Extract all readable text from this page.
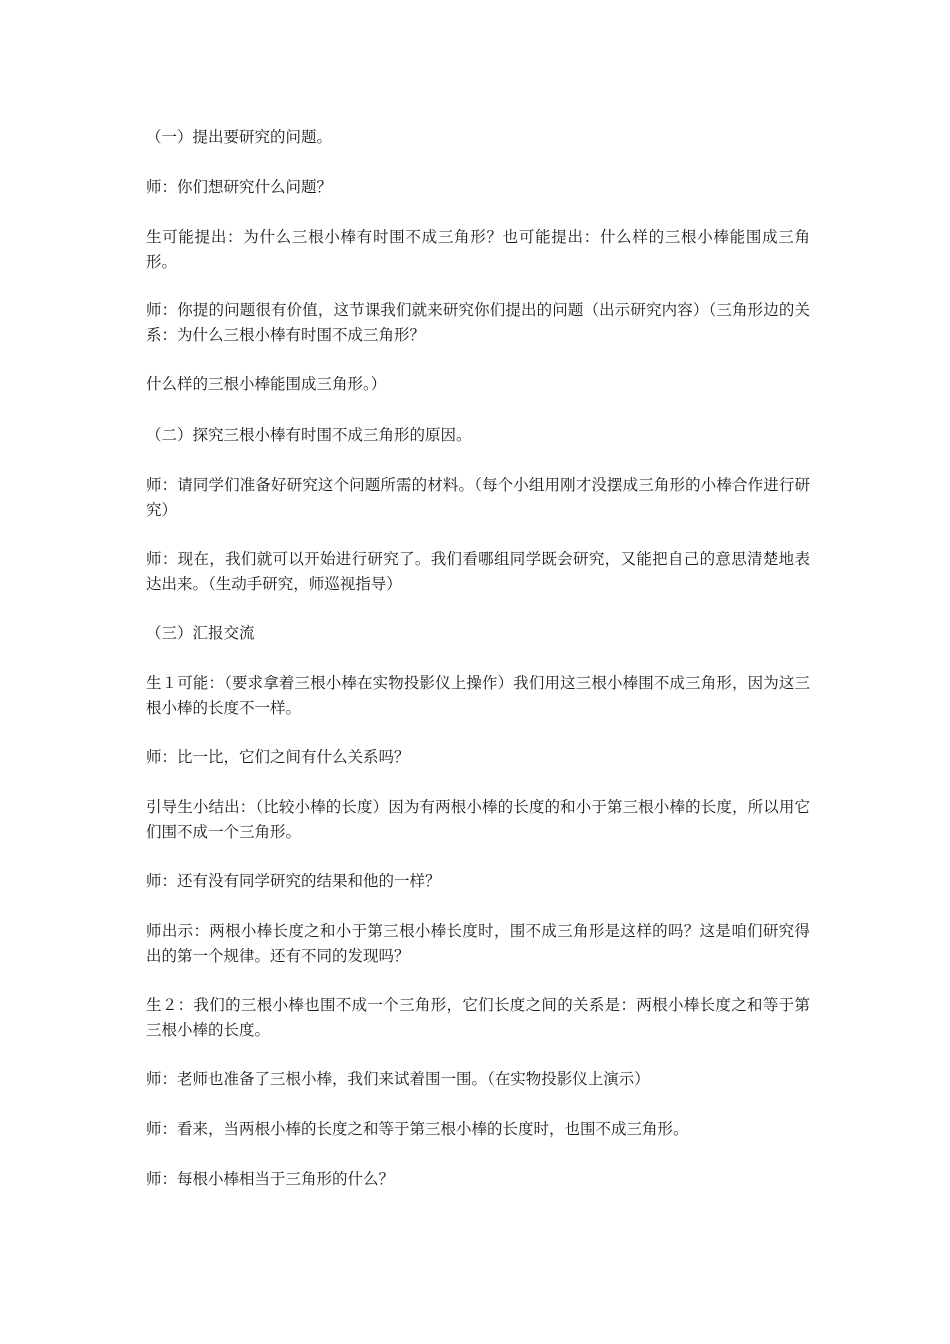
（一）提出要研究的问题。

师：你们想研究什么问题？

生可能提出：为什么三根小棒有时围不成三角形？也可能提出：什么样的三根小棒能围成三角形。

师：你提的问题很有价值，这节课我们就来研究你们提出的问题（出示研究内容）（三角形边的关系：为什么三根小棒有时围不成三角形？

什么样的三根小棒能围成三角形。）

（二）探究三根小棒有时围不成三角形的原因。

师：请同学们准备好研究这个问题所需的材料。（每个小组用刚才没摆成三角形的小棒合作进行研究）

师：现在，我们就可以开始进行研究了。我们看哪组同学既会研究，又能把自己的意思清楚地表达出来。（生动手研究，师巡视指导）

（三）汇报交流

生１可能：（要求拿着三根小棒在实物投影仪上操作）我们用这三根小棒围不成三角形，因为这三根小棒的长度不一样。

师：比一比，它们之间有什么关系吗？

引导生小结出：（比较小棒的长度）因为有两根小棒的长度的和小于第三根小棒的长度，所以用它们围不成一个三角形。

师：还有没有同学研究的结果和他的一样？

师出示：两根小棒长度之和小于第三根小棒长度时，围不成三角形是这样的吗？这是咱们研究得出的第一个规律。还有不同的发现吗？

生２：我们的三根小棒也围不成一个三角形，它们长度之间的关系是：两根小棒长度之和等于第三根小棒的长度。

师：老师也准备了三根小棒，我们来试着围一围。（在实物投影仪上演示）

师：看来，当两根小棒的长度之和等于第三根小棒的长度时，也围不成三角形。

师：每根小棒相当于三角形的什么？
